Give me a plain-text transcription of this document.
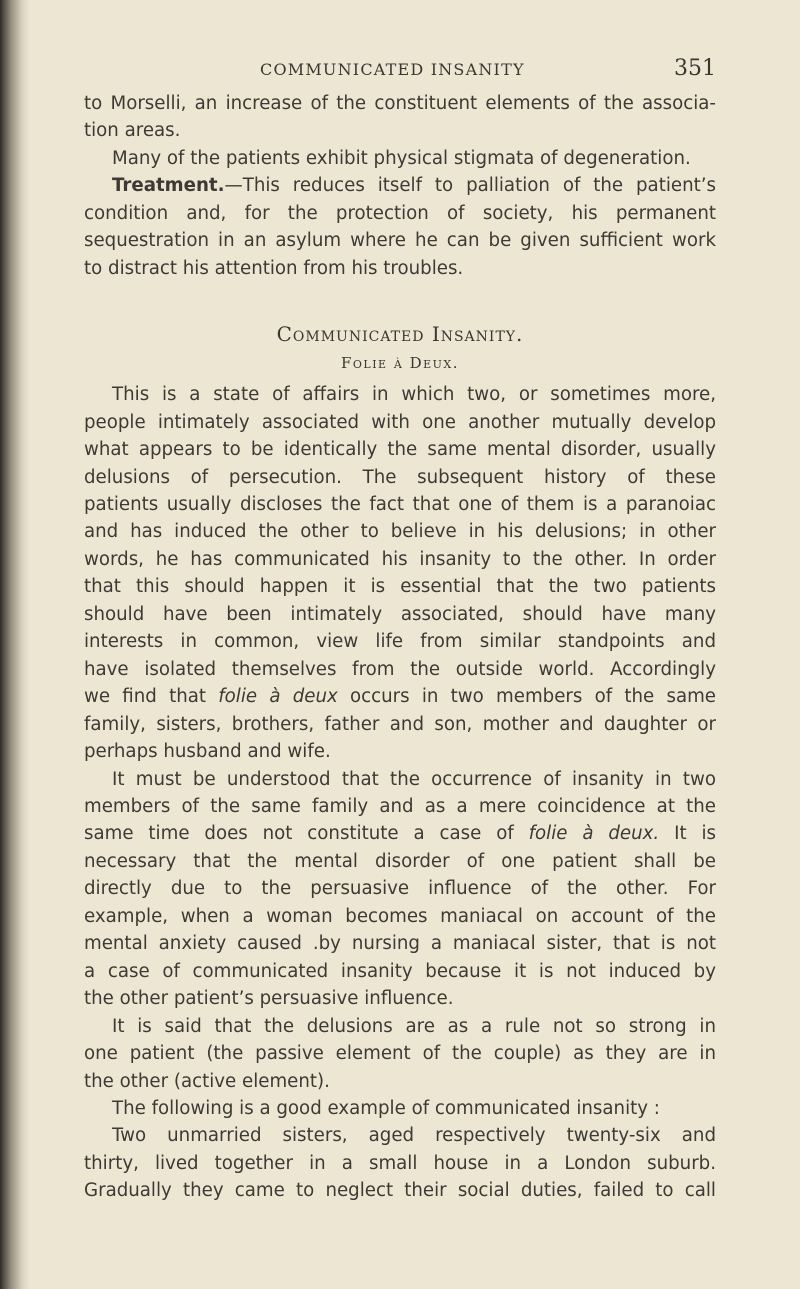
COMMUNICATED INSANITY	351

to Morselli, an increase of the constituent elements of the associa-

tion areas.

Many of the patients exhibit physical stigmata of degeneration.

Treatment.—This reduces itself to palliation of the patient’s

condition and, for the protection of society, his permanent

sequestration in an asylum where he can be given sufficient work

to distract his attention from his troubles.

Communicated Insanity.
Folie à Deux.

This is a state of affairs in which two, or sometimes more,

people intimately associated with one another mutually develop

what appears to be identically the same mental disorder, usually

delusions of persecution. The subsequent history of these

patients usually discloses the fact that one of them is a paranoiac

and has induced the other to believe in his delusions; in other

words, he has communicated his insanity to the other. In order

that this should happen it is essential that the two patients

should have been intimately associated, should have many

interests in common, view life from similar standpoints and

have isolated themselves from the outside world. Accordingly

we find that folie à deux occurs in two members of the same

family, sisters, brothers, father and son, mother and daughter or

perhaps husband and wife.

It must be understood that the occurrence of insanity in two

members of the same family and as a mere coincidence at the

same time does not constitute a case of folie à deux. It is

necessary that the mental disorder of one patient shall be

directly due to the persuasive influence of the other. For

example, when a woman becomes maniacal on account of the

mental anxiety caused .by nursing a maniacal sister, that is not

a case of communicated insanity because it is not induced by

the other patient’s persuasive influence.

It is said that the delusions are as a rule not so strong in

one patient (the passive element of the couple) as they are in

the other (active element).

The following is a good example of communicated insanity :

Two unmarried sisters, aged respectively twenty-six and

thirty, lived together in a small house in a London suburb.

Gradually they came to neglect their social duties, failed to call
